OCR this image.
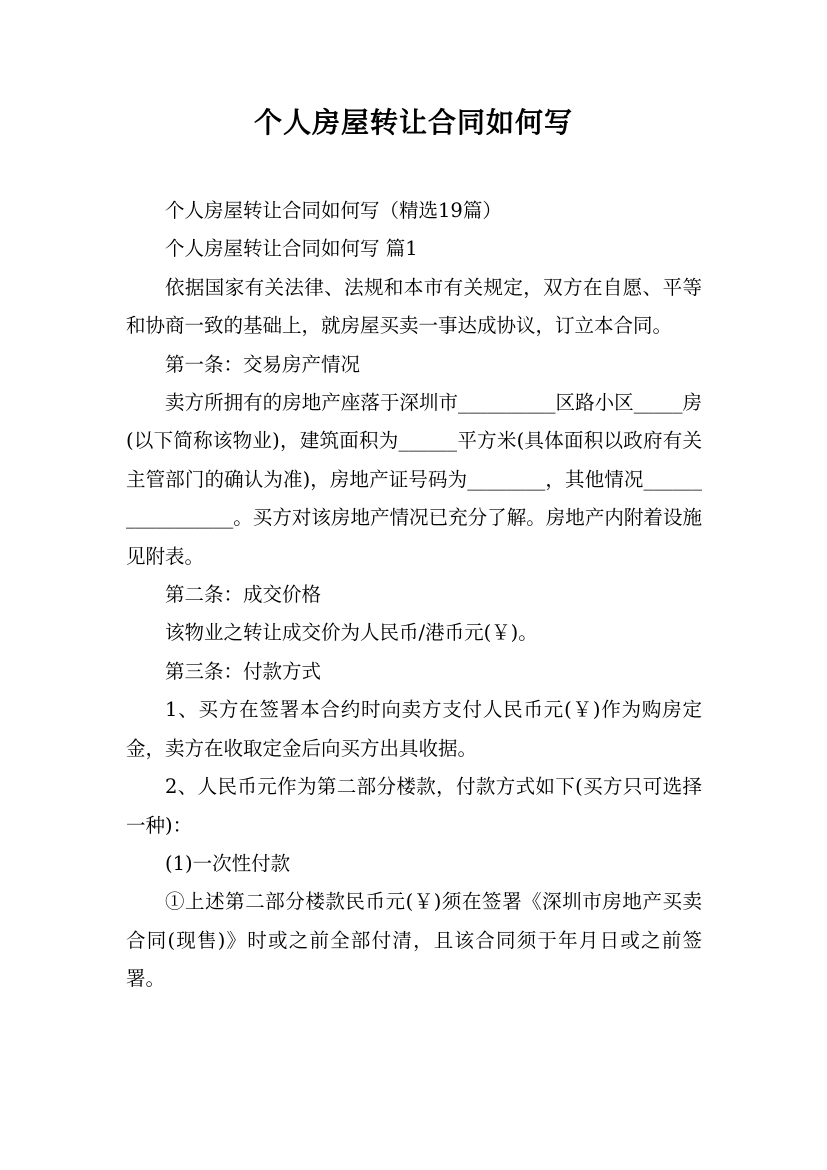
个人房屋转让合同如何写

个人房屋转让合同如何写（精选19篇）

个人房屋转让合同如何写 篇1

依据国家有关法律、法规和本市有关规定，双方在自愿、平等和协商一致的基础上，就房屋买卖一事达成协议，订立本合同。

第一条：交易房产情况

卖方所拥有的房地产座落于深圳市__________区路小区_____房(以下简称该物业)，建筑面积为______平方米(具体面积以政府有关主管部门的确认为准)，房地产证号码为________，其他情况_________________。买方对该房地产情况已充分了解。房地产内附着设施见附表。

第二条：成交价格

该物业之转让成交价为人民币/港币元(￥)。

第三条：付款方式

1、买方在签署本合约时向卖方支付人民币元(￥)作为购房定金，卖方在收取定金后向买方出具收据。

2、人民币元作为第二部分楼款，付款方式如下(买方只可选择一种)：

(1)一次性付款

①上述第二部分楼款民币元(￥)须在签署《深圳市房地产买卖合同(现售)》时或之前全部付清，且该合同须于年月日或之前签署。
